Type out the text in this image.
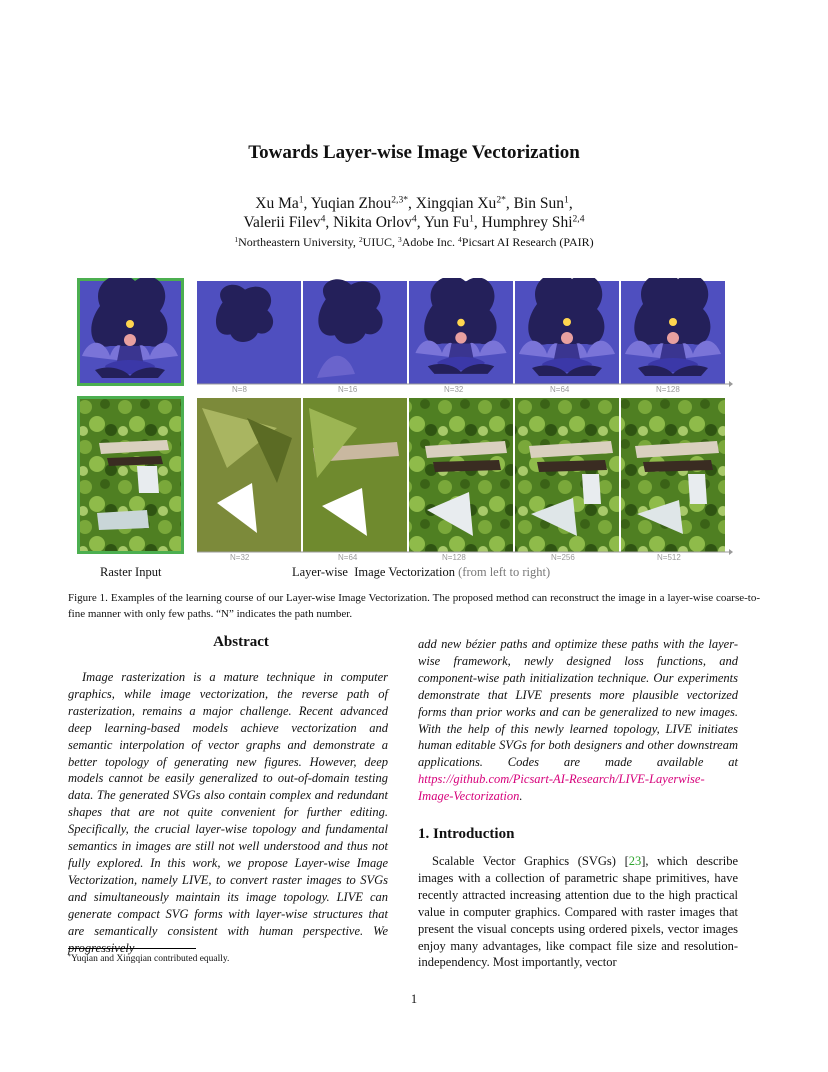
Towards Layer-wise Image Vectorization
Xu Ma$^1$, Yuqian Zhou$^{2,3*}$, Xingqian $Xu^{2*}$, Bin Sun$^1$,
Valerii Filev$^4$, Nikita Orlov$^4$, Yun Fu$^1$, Humphrey Shi$^{2,4}$
$^1$Northeastern University, $^2$UIUC, $^3$Adobe Inc. $^4$Picsart AI Research (PAIR)
N=8	N=16	N=32	N=64	N=128
N=32	N=64	N=128	N=256	N=512
Raster Input	Layer-wise  Image Vectorization (from left to right)
Figure 1. Examples of the learning course of our Layer-wise Image Vectorization. The proposed method can reconstruct the image in a layer-wise coarse-to-fine manner with only few paths. “N” indicates the path number.
Abstract
Image rasterization is a mature technique in computer graphics, while image vectorization, the reverse path of rasterization, remains a major challenge. Recent advanced deep learning-based models achieve vectorization and semantic interpolation of vector graphs and demonstrate a better topology of generating new figures. However, deep models cannot be easily generalized to out-of-domain testing data. The generated SVGs also contain complex and redundant shapes that are not quite convenient for further editing. Specifically, the crucial layer-wise topology and fundamental semantics in images are still not well understood and thus not fully explored. In this work, we propose Layer-wise Image Vectorization, namely LIVE, to convert raster images to SVGs and simultaneously maintain its image topology. LIVE can generate compact SVG forms with layer-wise structures that are semantically consistent with human perspective. We progressively
*Yuqian and Xingqian contributed equally.
add new bézier paths and optimize these paths with the layer-wise framework, newly designed loss functions, and component-wise path initialization technique. Our experiments demonstrate that LIVE presents more plausible vectorized forms than prior works and can be generalized to new images. With the help of this newly learned topology, LIVE initiates human editable SVGs for both designers and other downstream applications. Codes are made available at https://github.com/Picsart-AI-Research/LIVE-Layerwise-Image-Vectorization.
1. Introduction
Scalable Vector Graphics (SVGs) [23], which describe images with a collection of parametric shape primitives, have recently attracted increasing attention due to the high practical value in computer graphics. Compared with raster images that present the visual concepts using ordered pixels, vector images enjoy many advantages, like compact file size and resolution-independency. Most importantly, vector
1
